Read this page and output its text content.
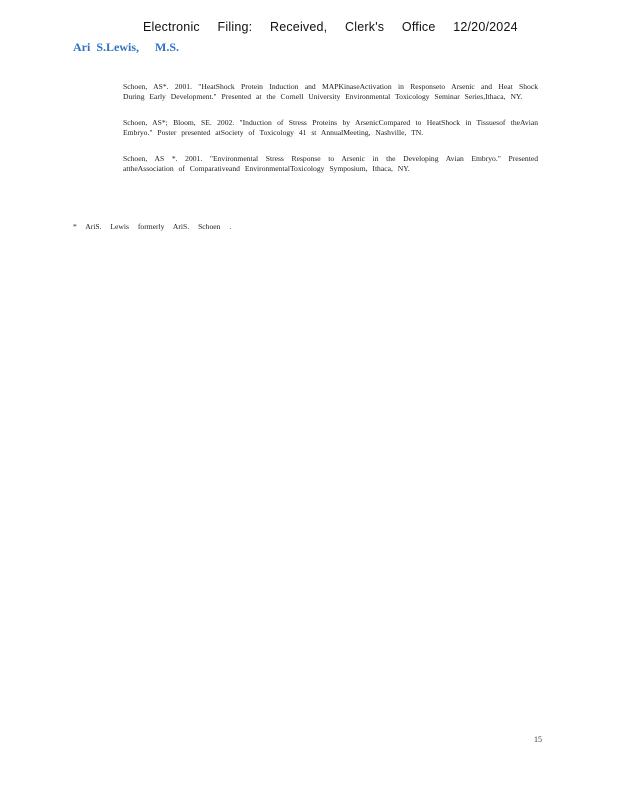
Electronic Filing: Received, Clerk's Office 12/20/2024
Ari S.Lewis, M.S.

Schoen, AS*. 2001. "HeatShock Protein Induction and MAPKinaseActivation in Responseto Arsenic and Heat Shock During Early Development." Presented at the Cornell University Environmental Toxicology Seminar Series,Ithaca, NY.

Schoen, AS*; Bloom, SE. 2002. "Induction of Stress Proteins by ArsenicCompared to HeatShock in Tissuesof theAvian Embryo." Poster presented atSociety of Toxicology 41 st AnnualMeeting, Nashville, TN.

Schoen, AS *. 2001. "Environmental Stress Response to Arsenic in the Developing Avian Embryo." Presented attheAssociation of Comparativeand EnvironmentalToxicology Symposium, Ithaca, NY.

* AriS. Lewis formerly AriS. Schoen .
15
